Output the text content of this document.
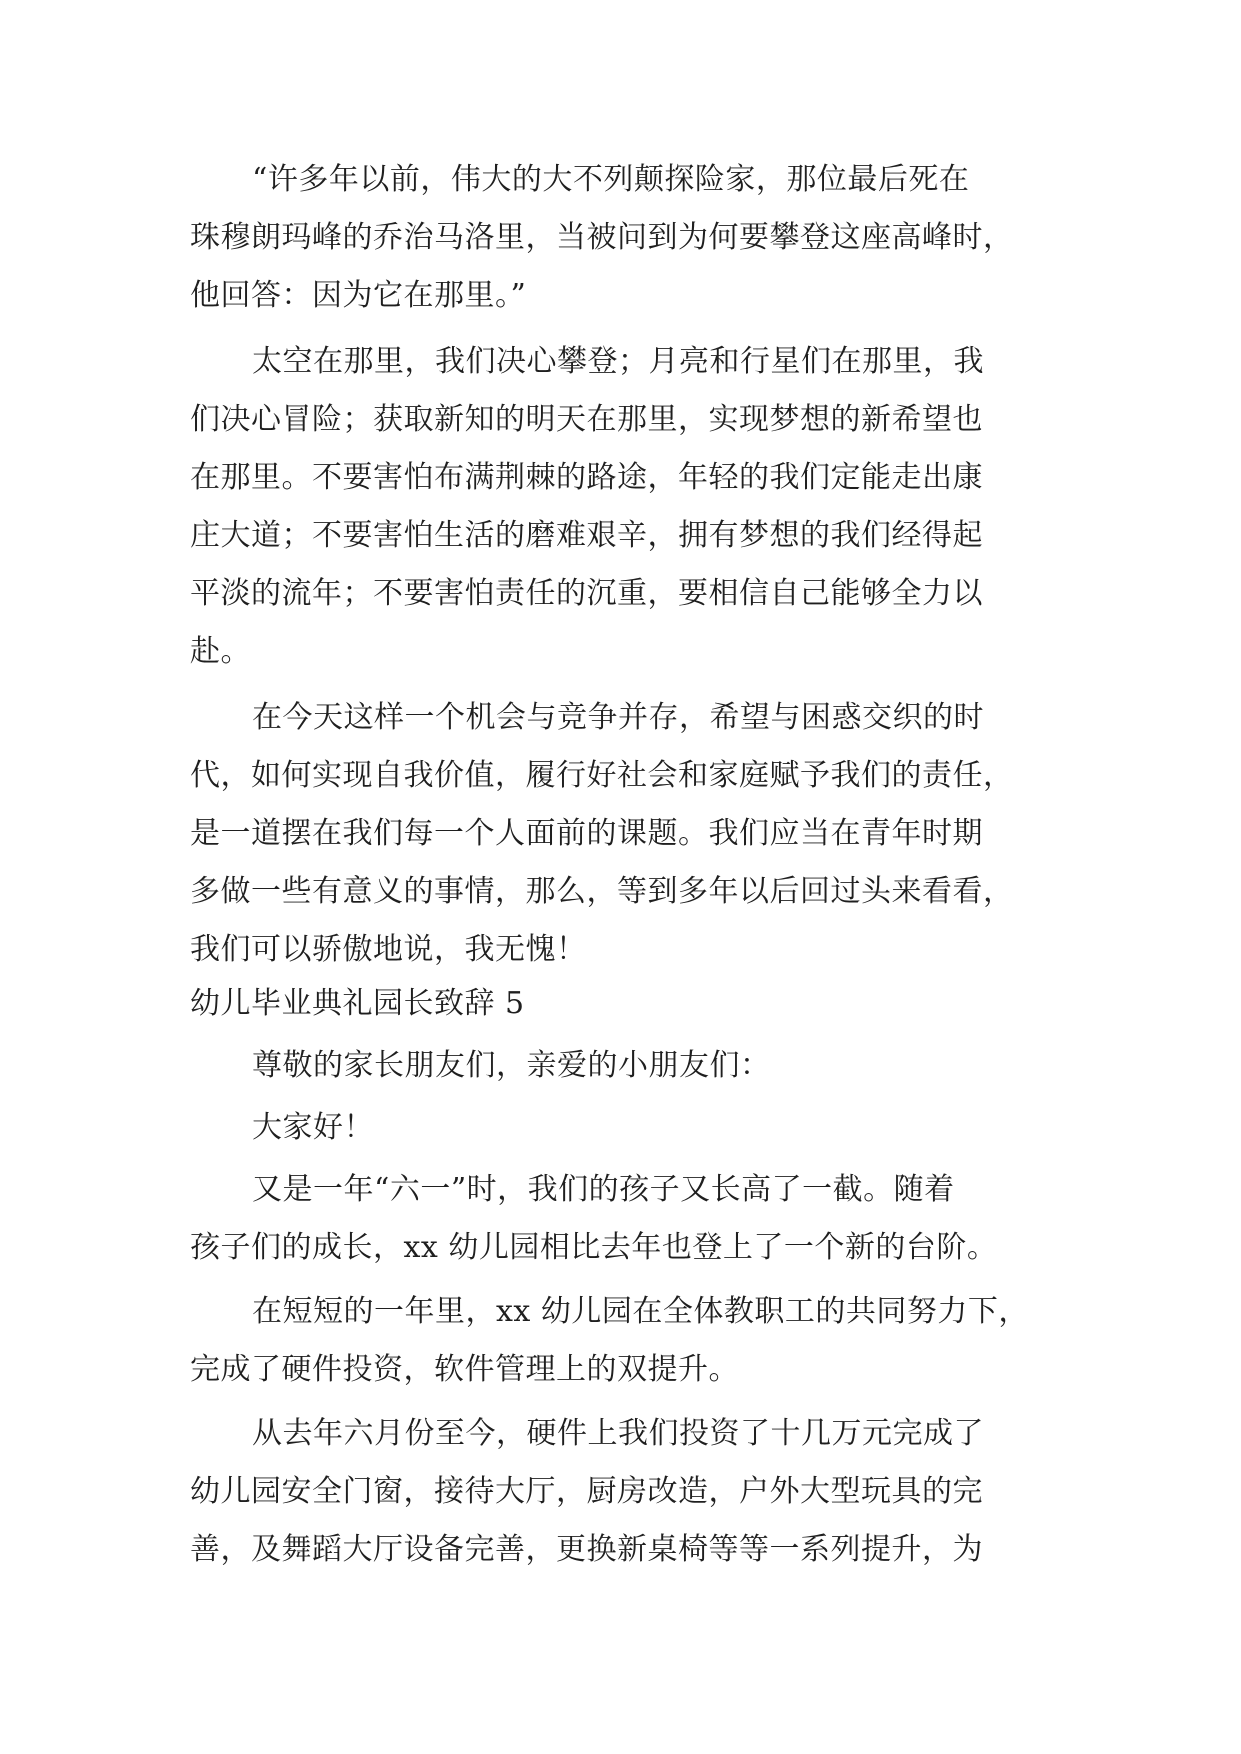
“许多年以前，伟大的大不列颠探险家，那位最后死在
珠穆朗玛峰的乔治马洛里，当被问到为何要攀登这座高峰时，
他回答：因为它在那里。”
太空在那里，我们决心攀登；月亮和行星们在那里，我
们决心冒险；获取新知的明天在那里，实现梦想的新希望也
在那里。不要害怕布满荆棘的路途，年轻的我们定能走出康
庄大道；不要害怕生活的磨难艰辛，拥有梦想的我们经得起
平淡的流年；不要害怕责任的沉重，要相信自己能够全力以
赴。
在今天这样一个机会与竞争并存，希望与困惑交织的时
代，如何实现自我价值，履行好社会和家庭赋予我们的责任，
是一道摆在我们每一个人面前的课题。我们应当在青年时期
多做一些有意义的事情，那么，等到多年以后回过头来看看，
我们可以骄傲地说，我无愧！
幼儿毕业典礼园长致辞 5
尊敬的家长朋友们，亲爱的小朋友们：
大家好！
又是一年“六一”时，我们的孩子又长高了一截。随着
孩子们的成长，xx 幼儿园相比去年也登上了一个新的台阶。
在短短的一年里，xx 幼儿园在全体教职工的共同努力下，
完成了硬件投资，软件管理上的双提升。
从去年六月份至今，硬件上我们投资了十几万元完成了
幼儿园安全门窗，接待大厅，厨房改造，户外大型玩具的完
善，及舞蹈大厅设备完善，更换新桌椅等等一系列提升，为
